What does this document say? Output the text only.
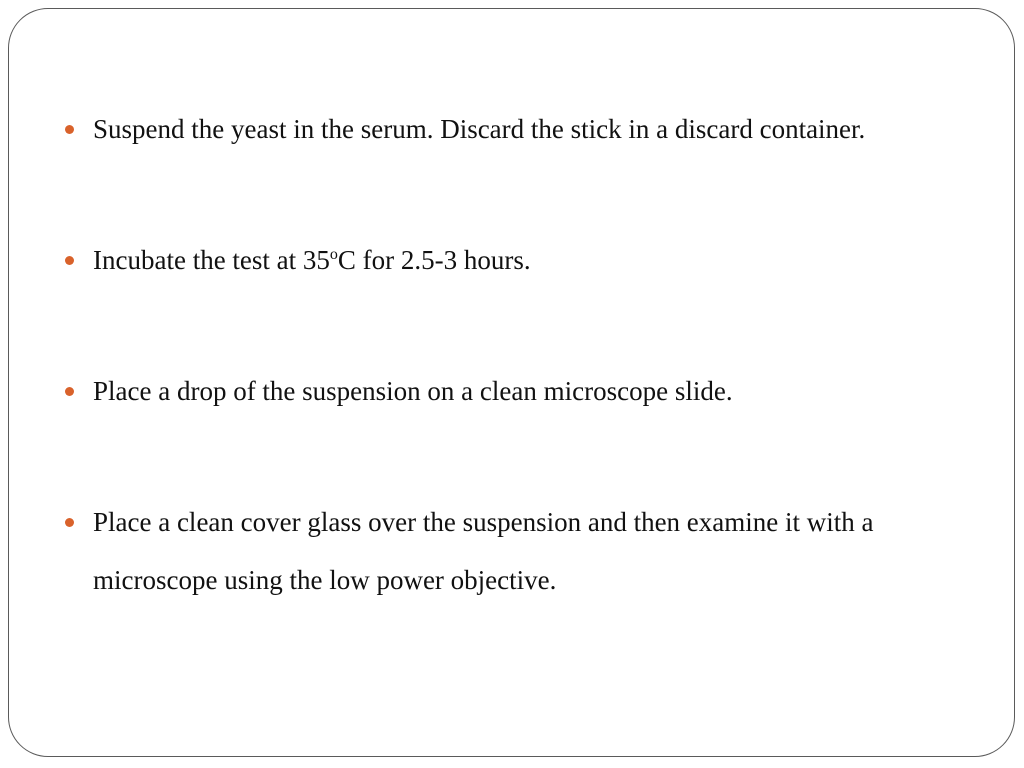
Suspend the yeast in the serum. Discard the stick in a discard container.
Incubate the test at 35$^o$C for 2.5-3 hours.
Place a drop of the suspension on a clean microscope slide.
Place a clean cover glass over the suspension and then examine it with a microscope using the low power objective.
